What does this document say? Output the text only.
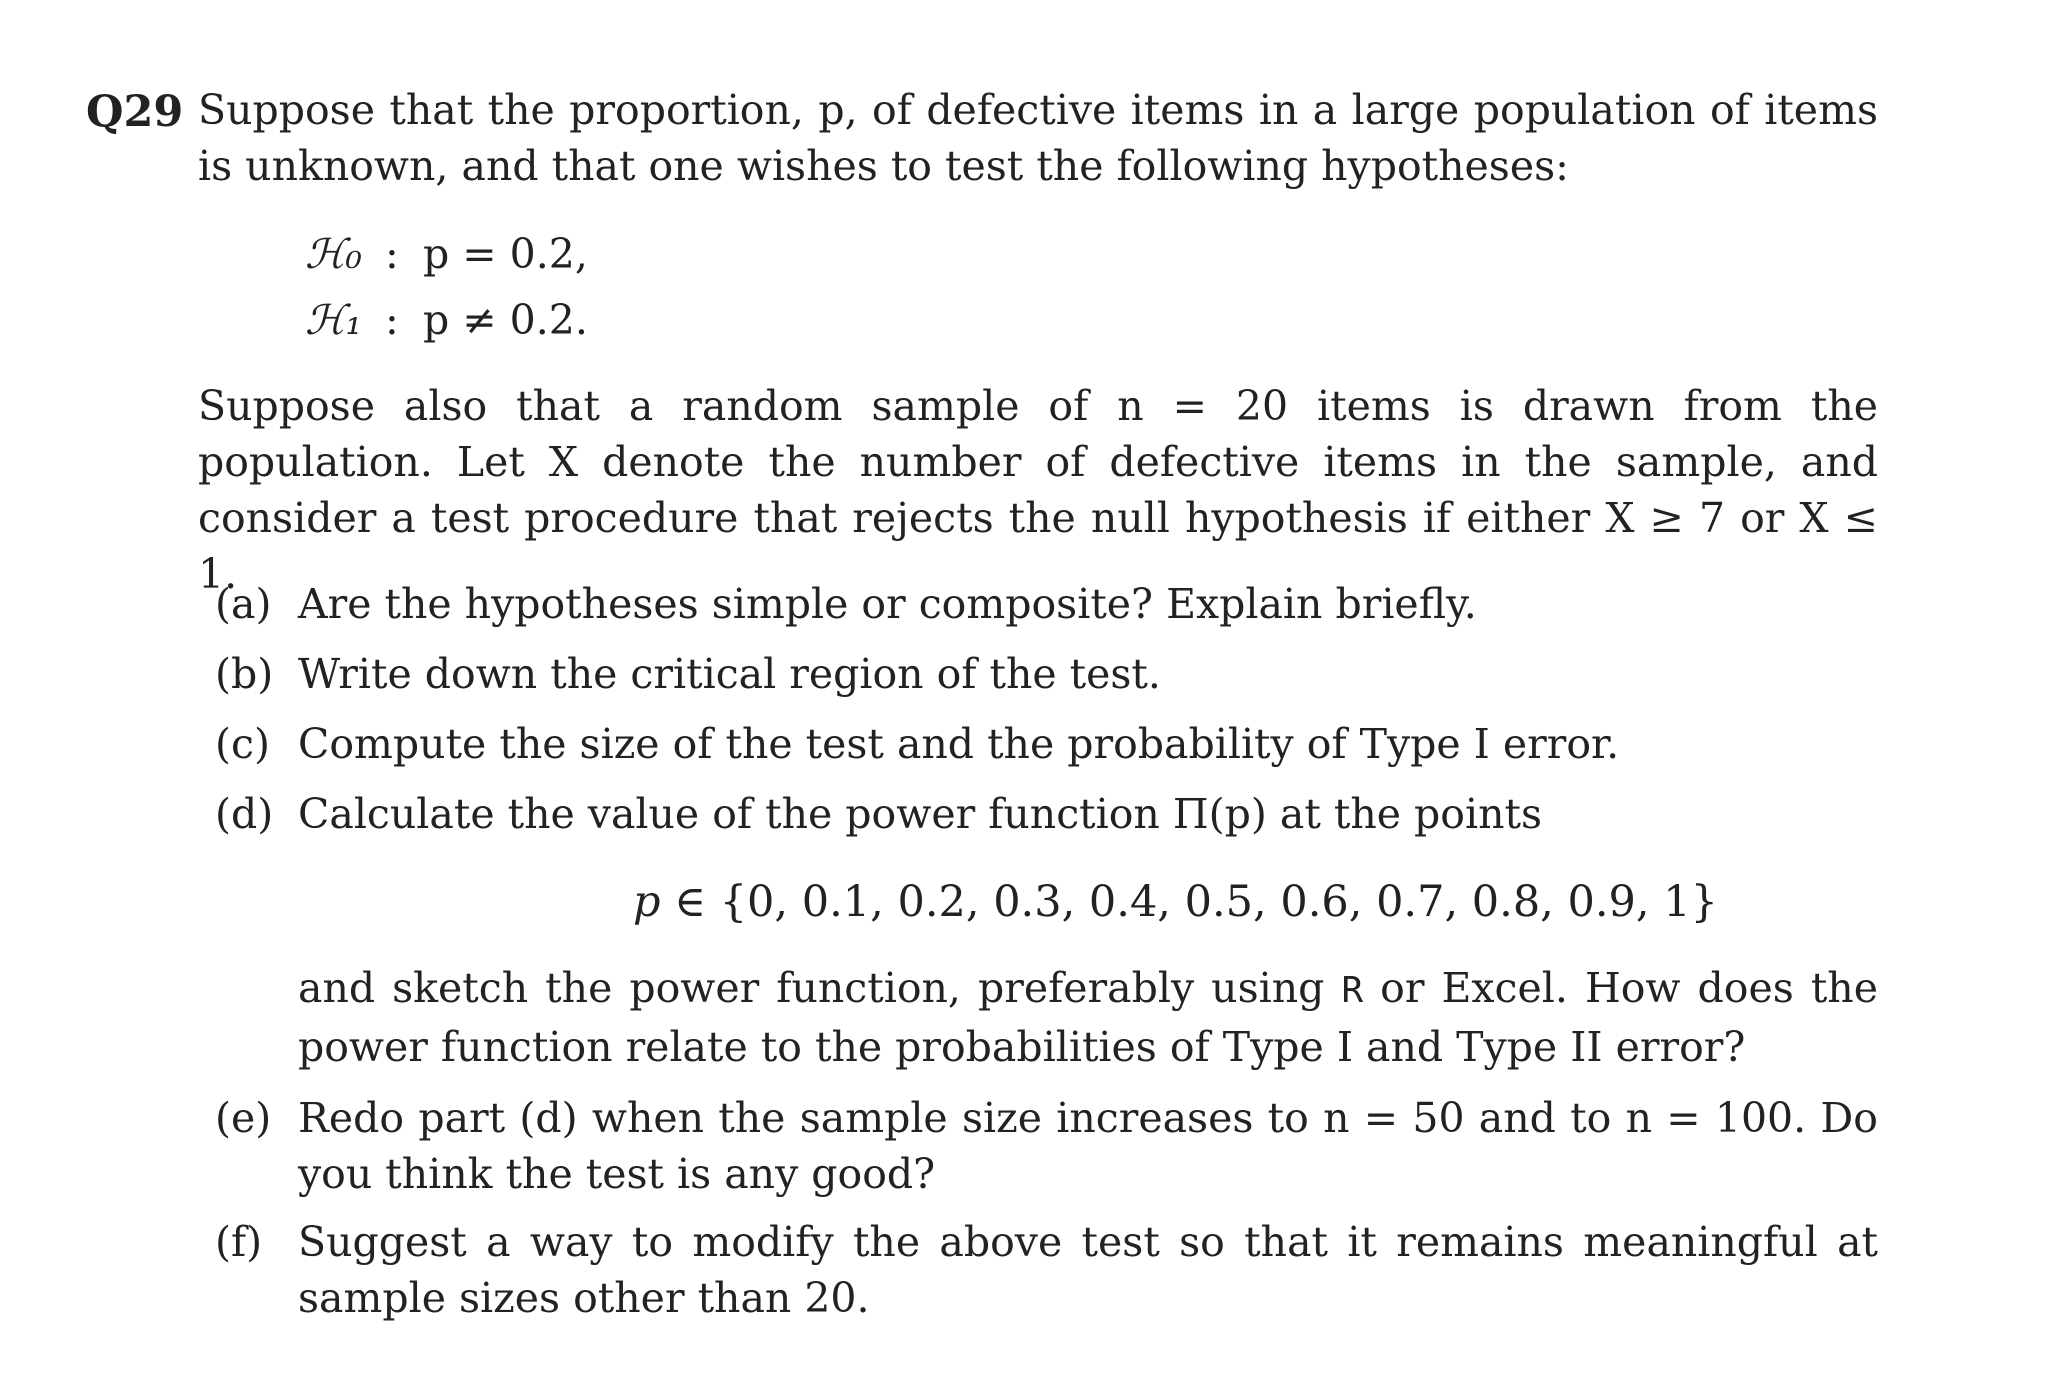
Q29 Suppose that the proportion, p, of defective items in a large population of items is unknown, and that one wishes to test the following hypotheses:
ℋ₀ : p = 0.2,
ℋ₁ : p ≠ 0.2.
Suppose also that a random sample of n = 20 items is drawn from the population. Let X denote the number of defective items in the sample, and consider a test procedure that rejects the null hypothesis if either X ≥ 7 or X ≤ 1.
(a) Are the hypotheses simple or composite? Explain briefly.
(b) Write down the critical region of the test.
(c) Compute the size of the test and the probability of Type I error.
(d) Calculate the value of the power function Π(p) at the points
p ∈ {0, 0.1, 0.2, 0.3, 0.4, 0.5, 0.6, 0.7, 0.8, 0.9, 1}
and sketch the power function, preferably using R or Excel. How does the power function relate to the probabilities of Type I and Type II error?
(e) Redo part (d) when the sample size increases to n = 50 and to n = 100. Do you think the test is any good?
(f) Suggest a way to modify the above test so that it remains meaningful at sample sizes other than 20.
